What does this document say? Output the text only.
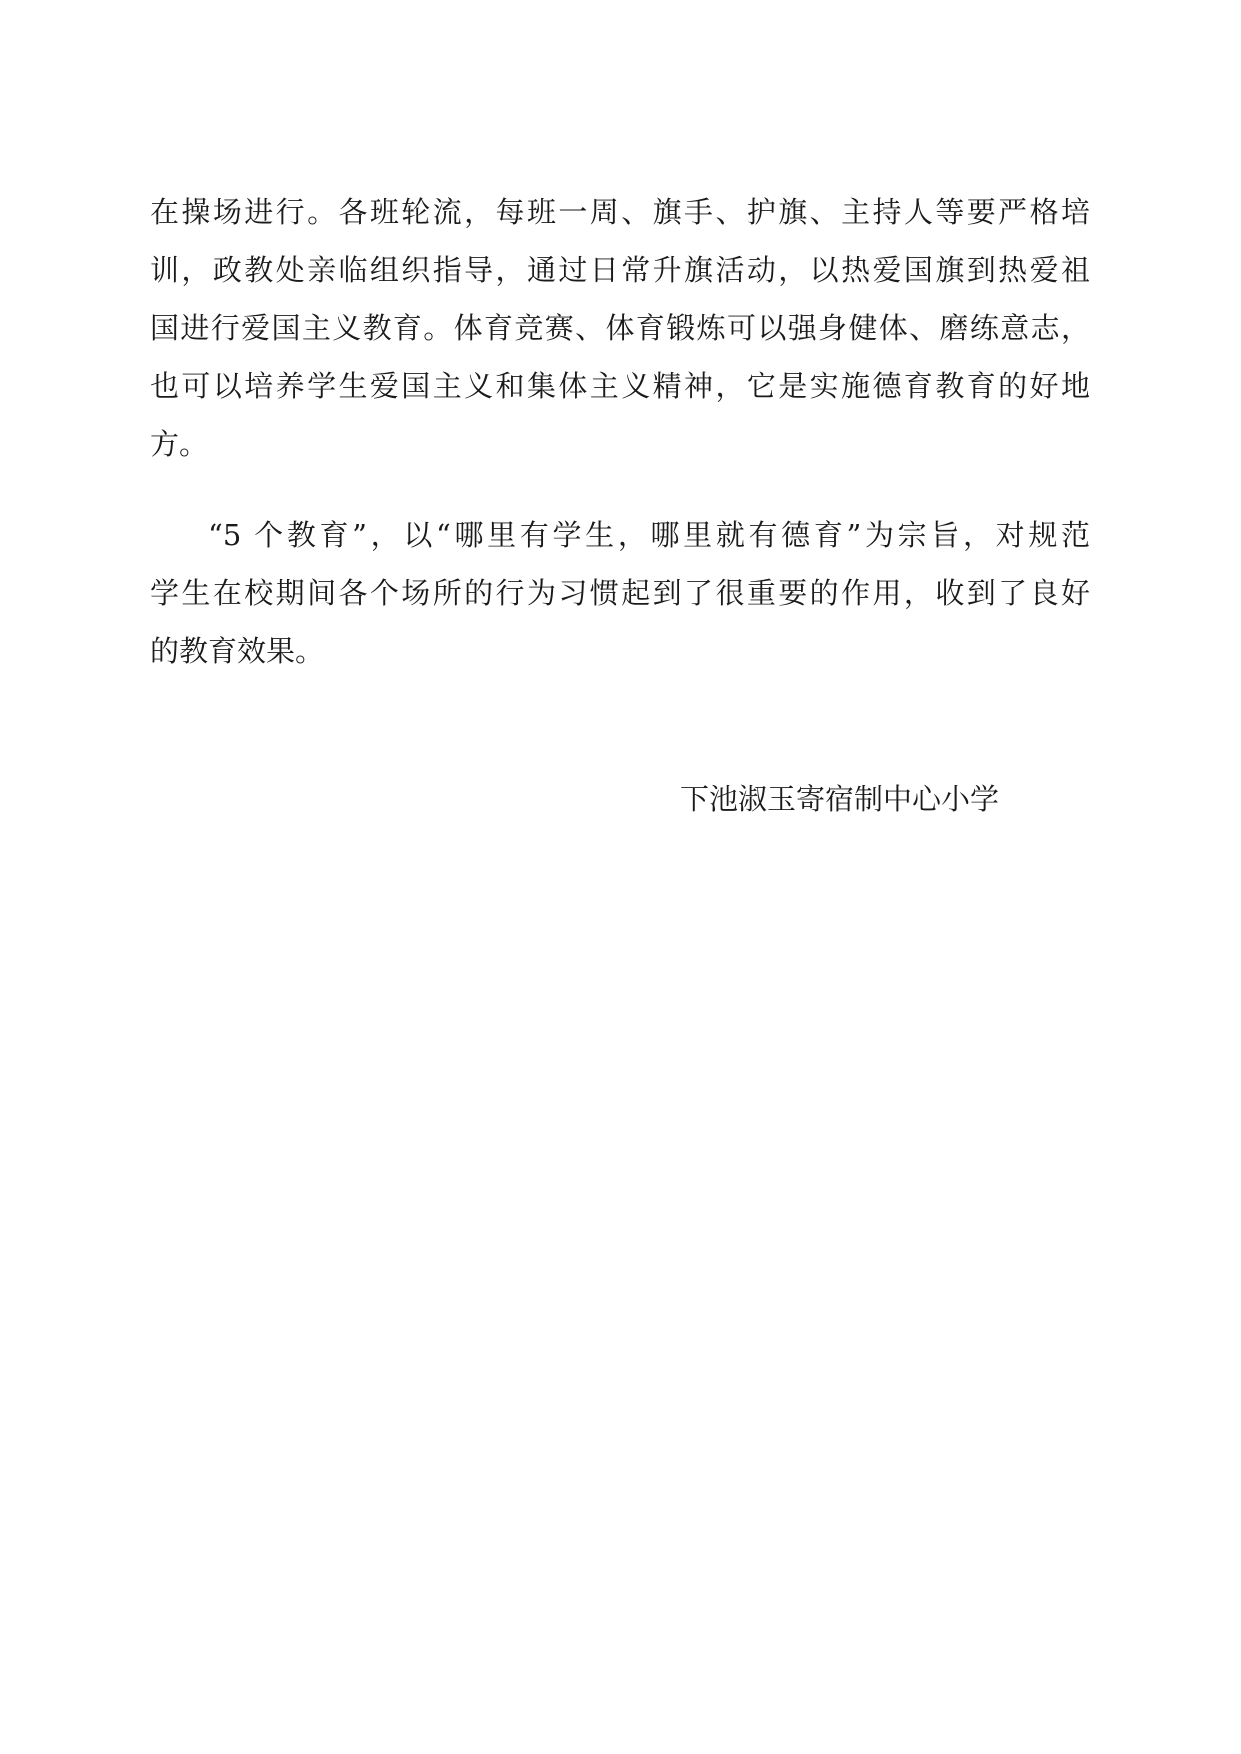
在操场进行。各班轮流，每班一周、旗手、护旗、主持人等要严格培
训，政教处亲临组织指导，通过日常升旗活动，以热爱国旗到热爱祖
国进行爱国主义教育。体育竞赛、体育锻炼可以强身健体、磨练意志，
也可以培养学生爱国主义和集体主义精神，它是实施德育教育的好地
方。
“5 个教育”，以“哪里有学生，哪里就有德育”为宗旨，对规范
学生在校期间各个场所的行为习惯起到了很重要的作用，收到了良好
的教育效果。
下池淑玉寄宿制中心小学
